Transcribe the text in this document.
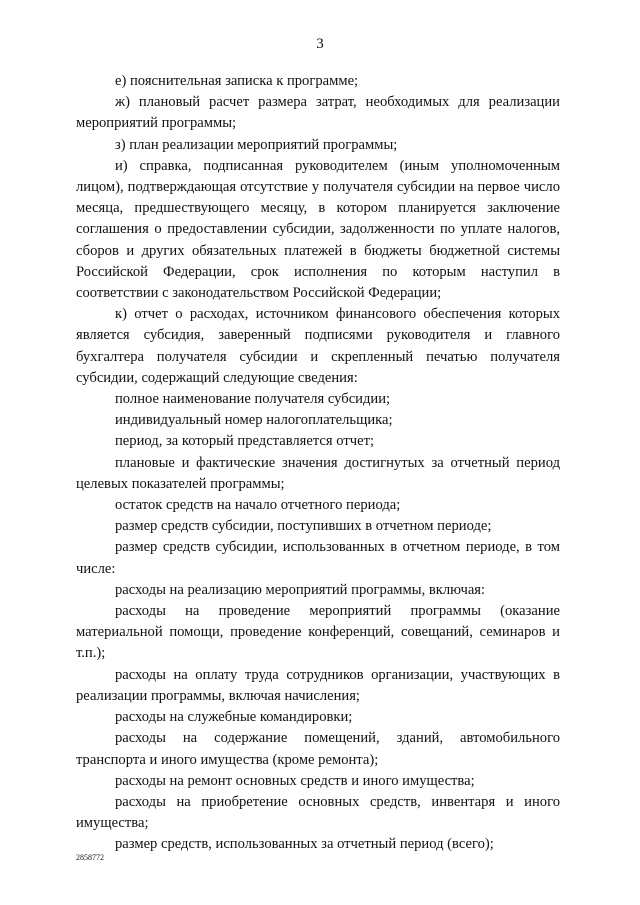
3

е) пояснительная записка к программе;

ж) плановый расчет размера затрат, необходимых для реализации мероприятий программы;

з) план реализации мероприятий программы;

и) справка, подписанная руководителем (иным уполномоченным лицом), подтверждающая отсутствие у получателя субсидии на первое число месяца, предшествующего месяцу, в котором планируется заключение соглашения о предоставлении субсидии, задолженности по уплате налогов, сборов и других обязательных платежей в бюджеты бюджетной системы Российской Федерации, срок исполнения по которым наступил в соответствии с законодательством Российской Федерации;

к) отчет о расходах, источником финансового обеспечения которых является субсидия, заверенный подписями руководителя и главного бухгалтера получателя субсидии и скрепленный печатью получателя субсидии, содержащий следующие сведения:

полное наименование получателя субсидии;

индивидуальный номер налогоплательщика;

период, за который представляется отчет;

плановые и фактические значения достигнутых за отчетный период целевых показателей программы;

остаток средств на начало отчетного периода;

размер средств субсидии, поступивших в отчетном периоде;

размер средств субсидии, использованных в отчетном периоде, в том числе:

расходы на реализацию мероприятий программы, включая:

расходы на проведение мероприятий программы (оказание материальной помощи, проведение конференций, совещаний, семинаров и т.п.);

расходы на оплату труда сотрудников организации, участвующих в реализации программы, включая начисления;

расходы на служебные командировки;

расходы на содержание помещений, зданий, автомобильного транспорта и иного имущества (кроме ремонта);

расходы на ремонт основных средств и иного имущества;

расходы на приобретение основных средств, инвентаря и иного имущества;

размер средств, использованных за отчетный период (всего);

2858772
